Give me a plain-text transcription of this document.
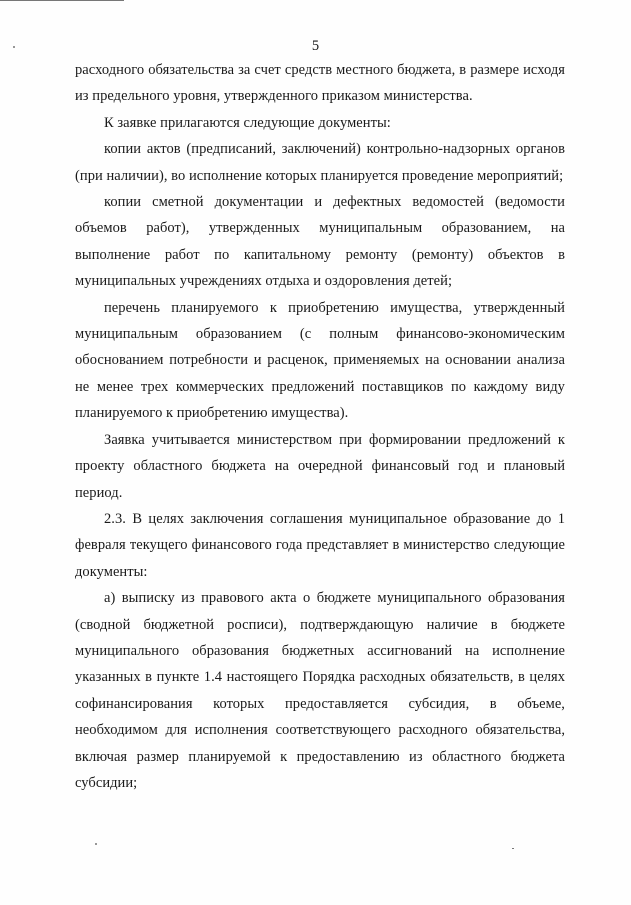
5

расходного обязательства за счет средств местного бюджета, в размере исходя из предельного уровня, утвержденного приказом министерства.

К заявке прилагаются следующие документы:

копии актов (предписаний, заключений) контрольно-надзорных органов (при наличии), во исполнение которых планируется проведение мероприятий;

копии сметной документации и дефектных ведомостей (ведомости объемов работ), утвержденных муниципальным образованием, на выполнение работ по капитальному ремонту (ремонту) объектов в муниципальных учреждениях отдыха и оздоровления детей;

перечень планируемого к приобретению имущества, утвержденный муниципальным образованием (с полным финансово-экономическим обоснованием потребности и расценок, применяемых на основании анализа не менее трех коммерческих предложений поставщиков по каждому виду планируемого к приобретению имущества).

Заявка учитывается министерством при формировании предложений к проекту областного бюджета на очередной финансовый год и плановый период.

2.3. В целях заключения соглашения муниципальное образование до 1 февраля текущего финансового года представляет в министерство следующие документы:

а) выписку из правового акта о бюджете муниципального образования (сводной бюджетной росписи), подтверждающую наличие в бюджете муниципального образования бюджетных ассигнований на исполнение указанных в пункте 1.4 настоящего Порядка расходных обязательств, в целях софинансирования которых предоставляется субсидия, в объеме, необходимом для исполнения соответствующего расходного обязательства, включая размер планируемой к предоставлению из областного бюджета субсидии;
